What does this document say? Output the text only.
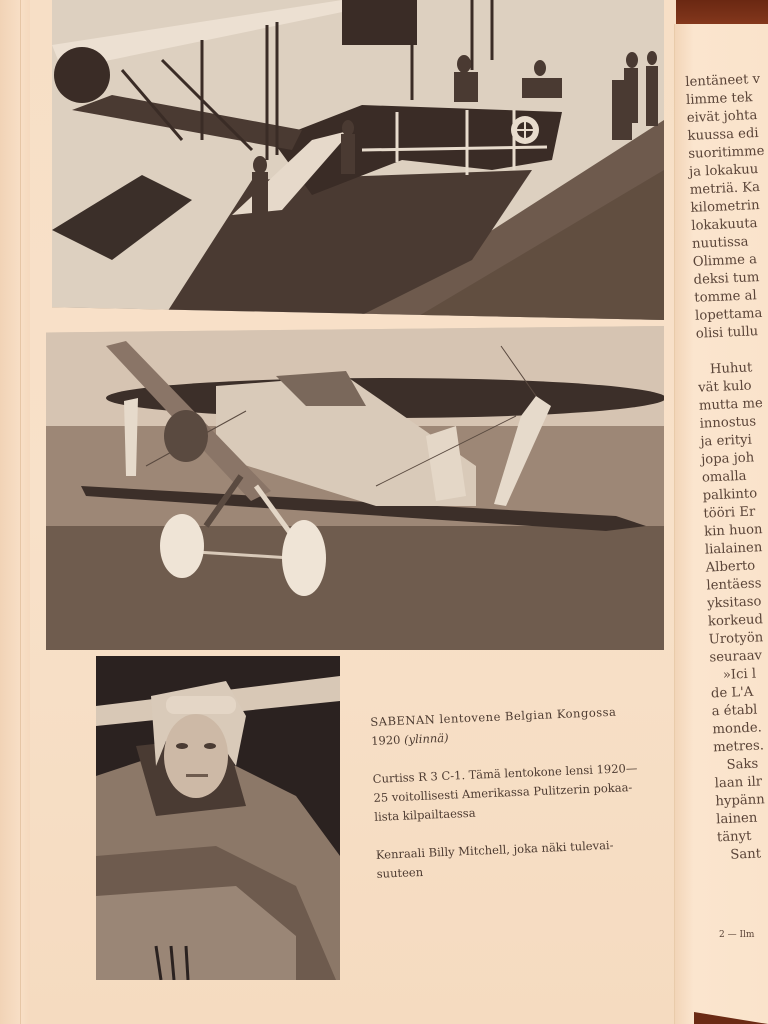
SABENAN lentovene Belgian Kongossa
1920 (ylinnä)
Curtiss R 3 C-1. Tämä lentokone lensi 1920—
25 voitollisesti Amerikassa Pulitzerin pokaa-
lista kilpailtaessa
Kenraali Billy Mitchell, joka näki tulevai-
suuteen
lentäneet v
limme tek
eivät johta
kuussa edi
suoritimme
ja lokakuu
metriä. Ka
kilometrin
lokakuuta
nuutissa
Olimme a
deksi tum
tomme al
lopettama
olisi tullu
Huhut
vät kulo
mutta me
innostus
ja erityi
jopa joh
omalla
palkinto
tööri Er
kin huon
lialainen
Alberto
lentäess
yksitaso
korkeud
Urotyön
seuraav
»Ici l
de L'A
a établ
monde.
metres.
Saks
laan ilr
hypänn
lainen
tänyt
Sant
2 — Ilm
